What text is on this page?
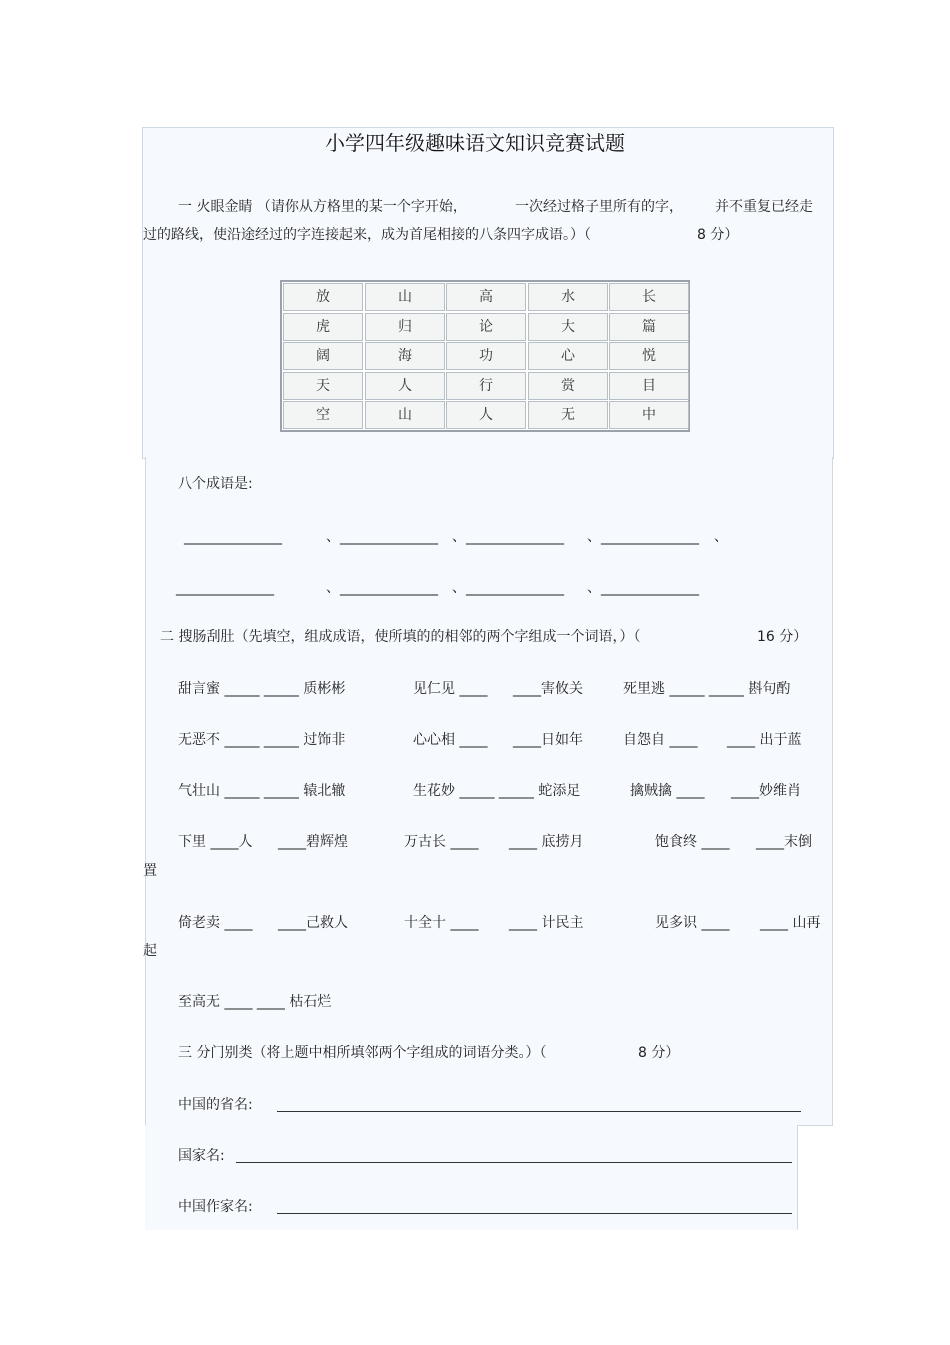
小学四年级趣味语文知识竞赛试题
一 火眼金睛 （请你从方格里的某一个字开始，	一次经过格子里所有的字， 并不重复已经走
过的路线，使沿途经过的字连接起来，成为首尾相接的八条四字成语。）（	8 分）
放	山	高	水	长
虎	归	论	大	篇
阔	海	功	心	悦
天	人	行	赏	目
空	山	人	无	中
八个成语是:
______________	、______________ 、______________ 、______________ 、
______________	、______________ 、______________ 、______________
二 搜肠刮肚（先填空，组成成语，使所填的的相邻的两个字组成一个词语，）（	16 分）
甜言蜜 _____ _____ 质彬彬	见仁见 ____ ____害攸关	死里逃 _____ _____ 斟句酌
无恶不 _____ _____ 过饰非	心心相 ____ ____日如年	自怨自 ____ ____ 出于蓝
气壮山 _____ _____ 辕北辙	生花妙 _____ _____ 蛇添足	擒贼擒 ____ ____妙维肖
下里 ____人 ____碧辉煌	万古长 ____ ____ 底捞月	饱食终 ____ ____末倒
置
倚老卖 ____ ____己救人	十全十 ____ ____ 计民主	见多识 ____ ____ 山再
起
至高无 ____ ____ 枯石烂
三 分门别类（将上题中相所填邻两个字组成的词语分类。）（	8 分）
中国的省名:
国家名:
中国作家名:
